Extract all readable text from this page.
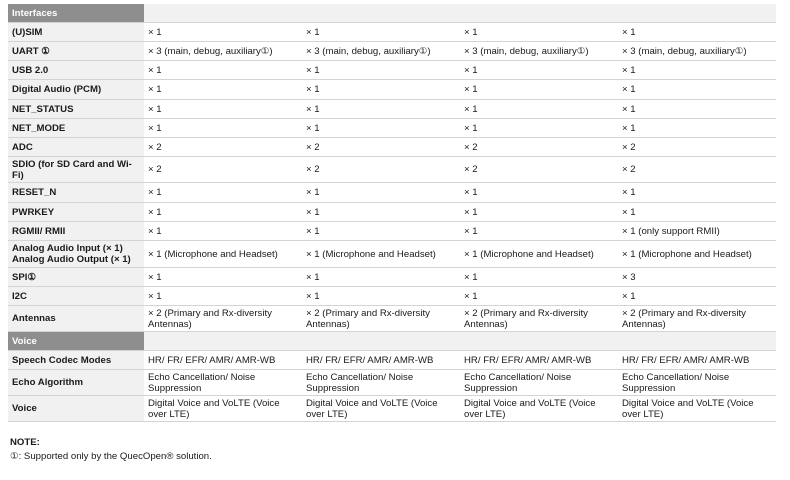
Interfaces				
(U)SIM	× 1	× 1	× 1	× 1
UART ①	× 3 (main, debug, auxiliary①)	× 3 (main, debug, auxiliary①)	× 3 (main, debug, auxiliary①)	× 3 (main, debug, auxiliary①)
USB 2.0	× 1	× 1	× 1	× 1
Digital Audio (PCM)	× 1	× 1	× 1	× 1
NET_STATUS	× 1	× 1	× 1	× 1
NET_MODE	× 1	× 1	× 1	× 1
ADC	× 2	× 2	× 2	× 2
SDIO (for SD Card and Wi-Fi)	× 2	× 2	× 2	× 2
RESET_N	× 1	× 1	× 1	× 1
PWRKEY	× 1	× 1	× 1	× 1
RGMII/ RMII	× 1	× 1	× 1	× 1 (only support RMII)
Analog Audio Input (× 1) Analog Audio Output (× 1)	× 1 (Microphone and Headset)	× 1 (Microphone and Headset)	× 1 (Microphone and Headset)	× 1 (Microphone and Headset)
SPI①	× 1	× 1	× 1	× 3
I2C	× 1	× 1	× 1	× 1
Antennas	× 2 (Primary and Rx-diversity Antennas)	× 2 (Primary and Rx-diversity Antennas)	× 2 (Primary and Rx-diversity Antennas)	× 2 (Primary and Rx-diversity Antennas)
Voice				
Speech Codec Modes	HR/ FR/ EFR/ AMR/ AMR-WB	HR/ FR/ EFR/ AMR/ AMR-WB	HR/ FR/ EFR/ AMR/ AMR-WB	HR/ FR/ EFR/ AMR/ AMR-WB
Echo Algorithm	Echo Cancellation/ Noise Suppression	Echo Cancellation/ Noise Suppression	Echo Cancellation/ Noise Suppression	Echo Cancellation/ Noise Suppression
Voice	Digital Voice and VoLTE (Voice over LTE)	Digital Voice and VoLTE (Voice over LTE)	Digital Voice and VoLTE (Voice over LTE)	Digital Voice and VoLTE (Voice over LTE)
NOTE:
①: Supported only by the QuecOpen® solution.
